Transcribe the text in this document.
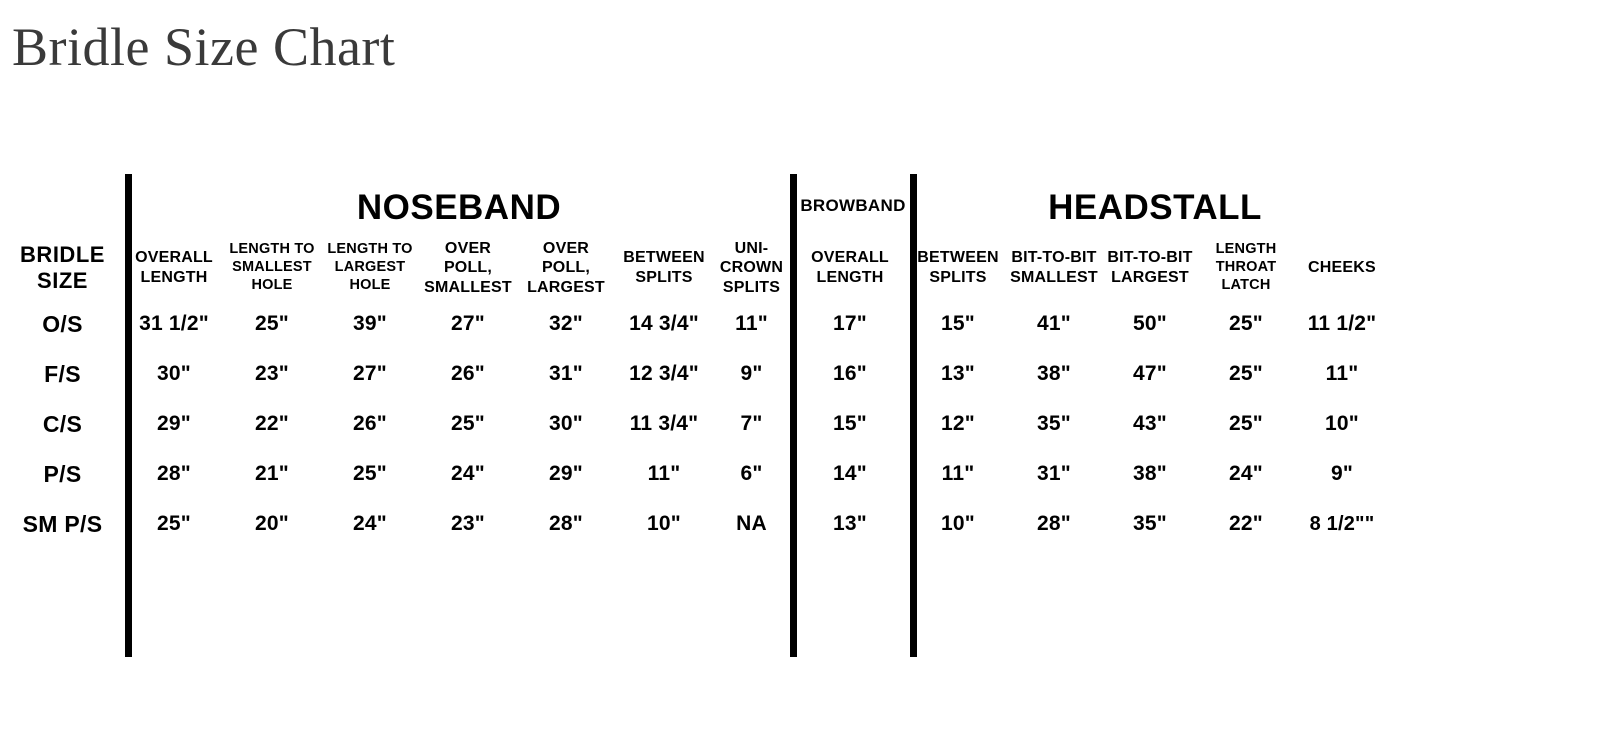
Bridle Size Chart
NOSEBAND	BROWBAND	HEADSTALL
BRIDLE SIZE	OVERALL LENGTH	LENGTH TO SMALLEST HOLE	LENGTH TO LARGEST HOLE	OVER POLL, SMALLEST	OVER POLL, LARGEST	BETWEEN SPLITS	UNI-CROWN SPLITS	OVERALL LENGTH	BETWEEN SPLITS	BIT-TO-BIT SMALLEST	BIT-TO-BIT LARGEST	LENGTH THROAT LATCH	CHEEKS
O/S	31 1/2"	25"	39"	27"	32"	14 3/4"	11"	17"	15"	41"	50"	25"	11 1/2"
F/S	30"	23"	27"	26"	31"	12 3/4"	9"	16"	13"	38"	47"	25"	11"
C/S	29"	22"	26"	25"	30"	11 3/4"	7"	15"	12"	35"	43"	25"	10"
P/S	28"	21"	25"	24"	29"	11"	6"	14"	11"	31"	38"	24"	9"
SM P/S	25"	20"	24"	23"	28"	10"	NA	13"	10"	28"	35"	22"	8 1/2""
